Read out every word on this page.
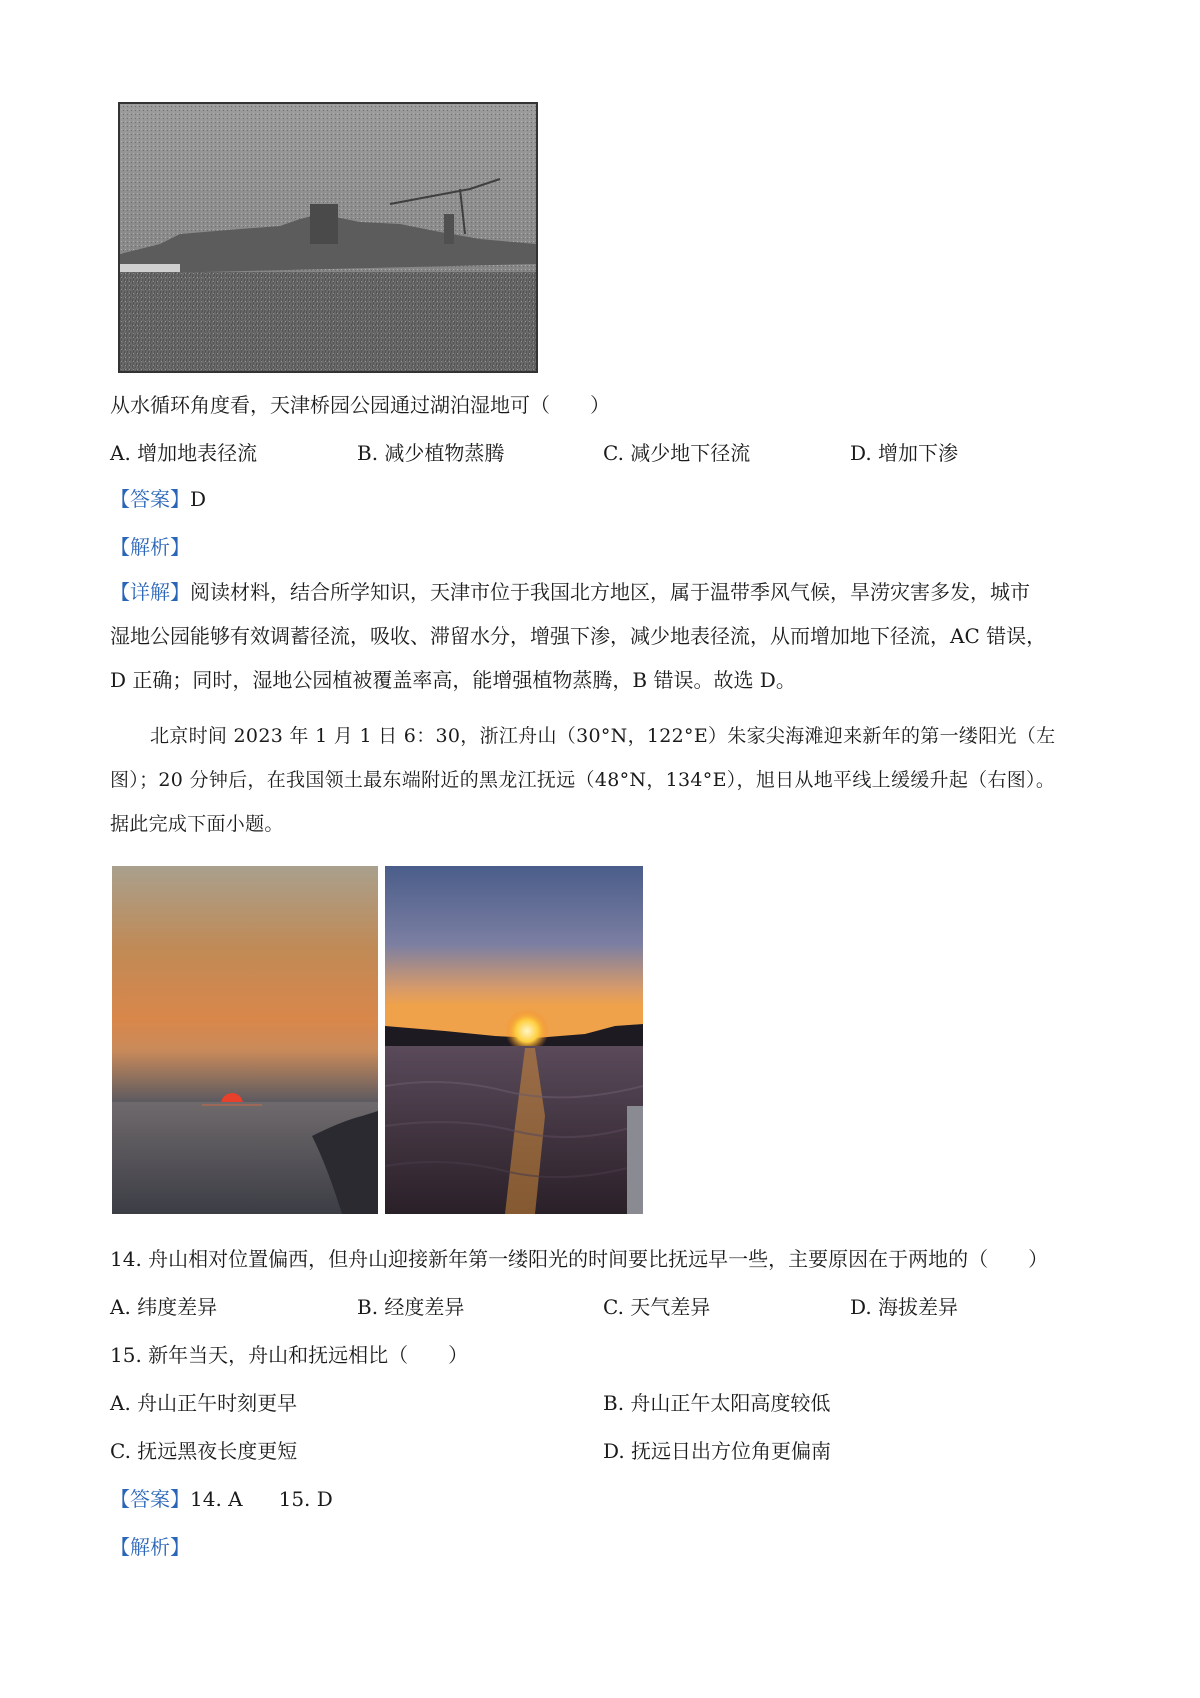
从水循环角度看，天津桥园公园通过湖泊湿地可（　　）
A. 增加地表径流	B. 减少植物蒸腾	C. 减少地下径流	D. 增加下渗
【答案】D
【解析】
【详解】阅读材料，结合所学知识，天津市位于我国北方地区，属于温带季风气候，旱涝灾害多发，城市
湿地公园能够有效调蓄径流，吸收、滞留水分，增强下渗，减少地表径流，从而增加地下径流，AC 错误，
D 正确；同时，湿地公园植被覆盖率高，能增强植物蒸腾，B 错误。故选 D。
北京时间 2023 年 1 月 1 日 6：30，浙江舟山（30°N，122°E）朱家尖海滩迎来新年的第一缕阳光（左
图）；20 分钟后，在我国领土最东端附近的黑龙江抚远（48°N，134°E），旭日从地平线上缓缓升起（右图）。
据此完成下面小题。
14. 舟山相对位置偏西，但舟山迎接新年第一缕阳光的时间要比抚远早一些，主要原因在于两地的（　　）
A. 纬度差异	B. 经度差异	C. 天气差异	D. 海拔差异
15. 新年当天，舟山和抚远相比（　　）
A. 舟山正午时刻更早	B. 舟山正午太阳高度较低
C. 抚远黑夜长度更短	D. 抚远日出方位角更偏南
【答案】14. A 15. D
【解析】
